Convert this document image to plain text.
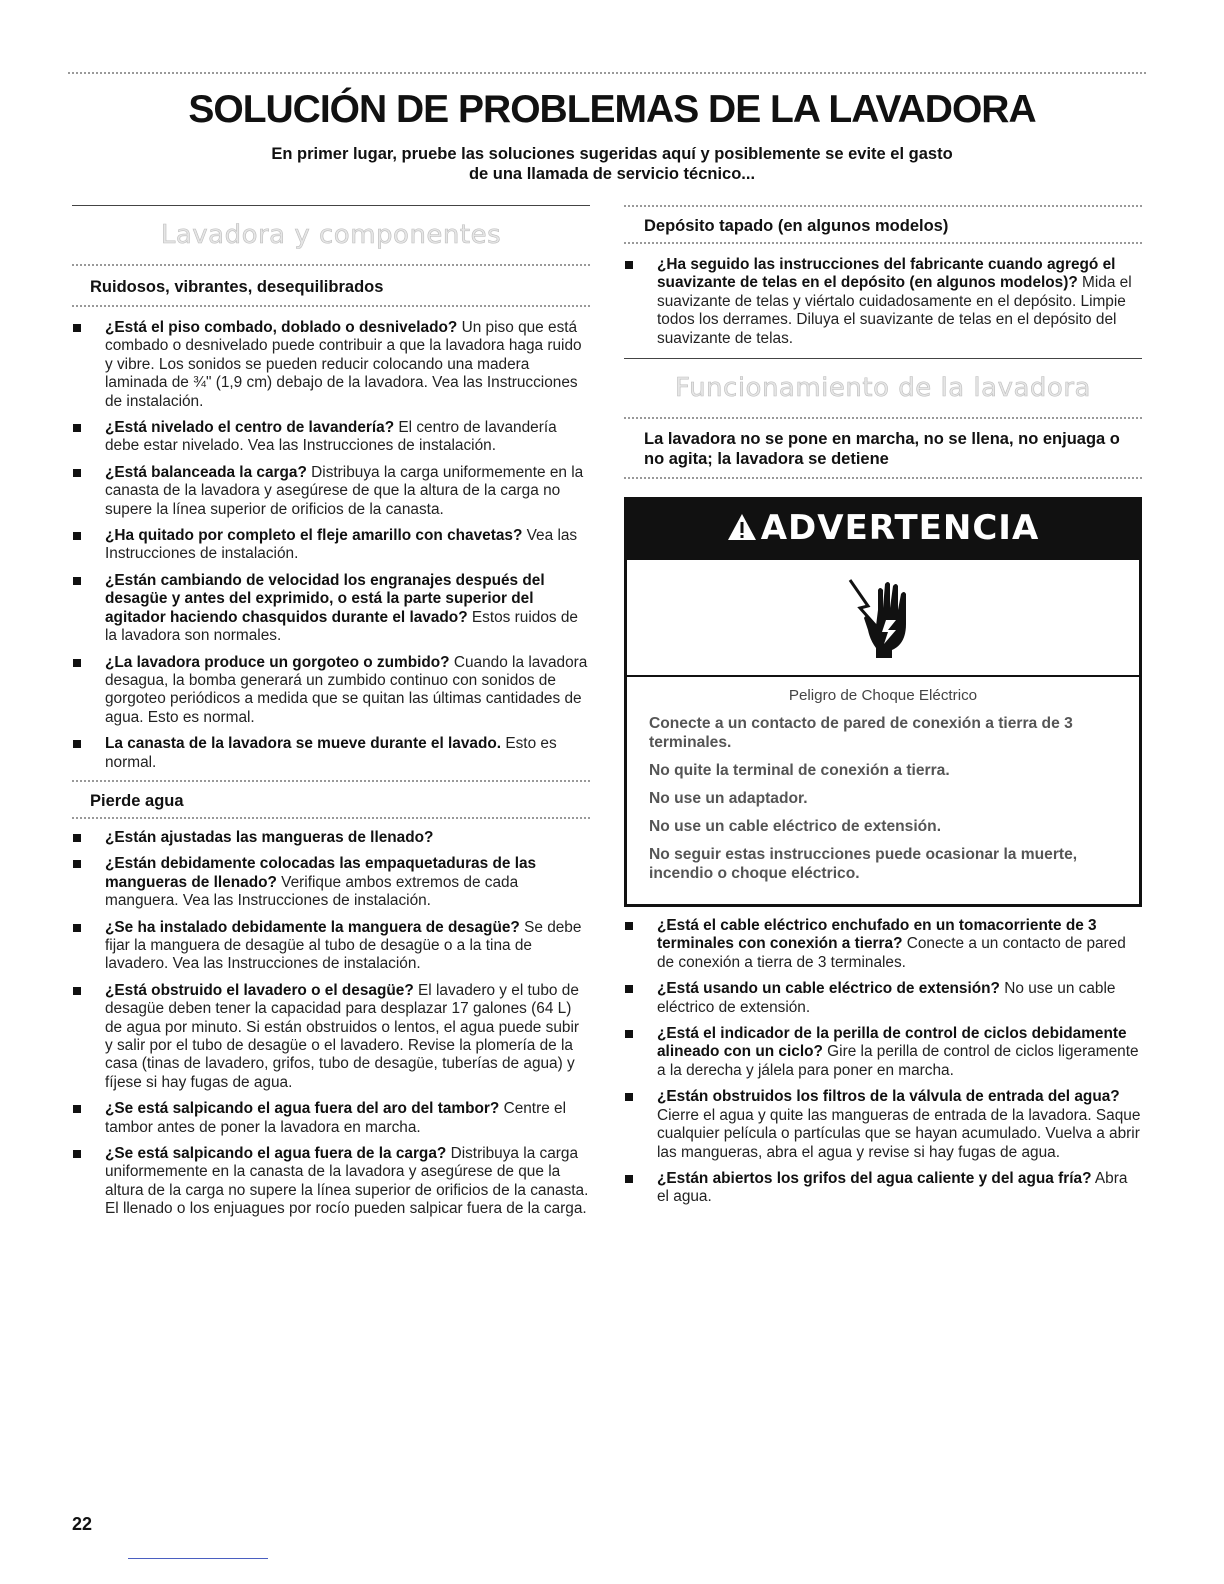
SOLUCIÓN DE PROBLEMAS DE LA LAVADORA
En primer lugar, pruebe las soluciones sugeridas aquí y posiblemente se evite el gasto
de una llamada de servicio técnico...
Lavadora y componentes
Ruidosos, vibrantes, desequilibrados
¿Está el piso combado, doblado o desnivelado? Un piso que está combado o desnivelado puede contribuir a que la lavadora haga ruido y vibre. Los sonidos se pueden reducir colocando una madera laminada de ¾" (1,9 cm) debajo de la lavadora. Vea las Instrucciones de instalación.
¿Está nivelado el centro de lavandería? El centro de lavandería debe estar nivelado. Vea las Instrucciones de instalación.
¿Está balanceada la carga? Distribuya la carga uniformemente en la canasta de la lavadora y asegúrese de que la altura de la carga no supere la línea superior de orificios de la canasta.
¿Ha quitado por completo el fleje amarillo con chavetas? Vea las Instrucciones de instalación.
¿Están cambiando de velocidad los engranajes después del desagüe y antes del exprimido, o está la parte superior del agitador haciendo chasquidos durante el lavado? Estos ruidos de la lavadora son normales.
¿La lavadora produce un gorgoteo o zumbido? Cuando la lavadora desagua, la bomba generará un zumbido continuo con sonidos de gorgoteo periódicos a medida que se quitan las últimas cantidades de agua. Esto es normal.
La canasta de la lavadora se mueve durante el lavado. Esto es normal.
Pierde agua
¿Están ajustadas las mangueras de llenado?
¿Están debidamente colocadas las empaquetaduras de las mangueras de llenado? Verifique ambos extremos de cada manguera. Vea las Instrucciones de instalación.
¿Se ha instalado debidamente la manguera de desagüe? Se debe fijar la manguera de desagüe al tubo de desagüe o a la tina de lavadero. Vea las Instrucciones de instalación.
¿Está obstruido el lavadero o el desagüe? El lavadero y el tubo de desagüe deben tener la capacidad para desplazar 17 galones (64 L) de agua por minuto. Si están obstruidos o lentos, el agua puede subir y salir por el tubo de desagüe o el lavadero. Revise la plomería de la casa (tinas de lavadero, grifos, tubo de desagüe, tuberías de agua) y fíjese si hay fugas de agua.
¿Se está salpicando el agua fuera del aro del tambor? Centre el tambor antes de poner la lavadora en marcha.
¿Se está salpicando el agua fuera de la carga? Distribuya la carga uniformemente en la canasta de la lavadora y asegúrese de que la altura de la carga no supere la línea superior de orificios de la canasta. El llenado o los enjuagues por rocío pueden salpicar fuera de la carga.
Depósito tapado (en algunos modelos)
¿Ha seguido las instrucciones del fabricante cuando agregó el suavizante de telas en el depósito (en algunos modelos)? Mida el suavizante de telas y viértalo cuidadosamente en el depósito. Limpie todos los derrames. Diluya el suavizante de telas en el depósito del suavizante de telas.
Funcionamiento de la lavadora
La lavadora no se pone en marcha, no se llena, no enjuaga o no agita; la lavadora se detiene
ADVERTENCIA
Peligro de Choque Eléctrico

Conecte a un contacto de pared de conexión a tierra de 3 terminales.

No quite la terminal de conexión a tierra.

No use un adaptador.

No use un cable eléctrico de extensión.

No seguir estas instrucciones puede ocasionar la muerte, incendio o choque eléctrico.

¿Está el cable eléctrico enchufado en un tomacorriente de 3 terminales con conexión a tierra? Conecte a un contacto de pared de conexión a tierra de 3 terminales.
¿Está usando un cable eléctrico de extensión? No use un cable eléctrico de extensión.
¿Está el indicador de la perilla de control de ciclos debidamente alineado con un ciclo? Gire la perilla de control de ciclos ligeramente a la derecha y jálela para poner en marcha.
¿Están obstruidos los filtros de la válvula de entrada del agua? Cierre el agua y quite las mangueras de entrada de la lavadora. Saque cualquier película o partículas que se hayan acumulado. Vuelva a abrir las mangueras, abra el agua y revise si hay fugas de agua.
¿Están abiertos los grifos del agua caliente y del agua fría? Abra el agua.
22
